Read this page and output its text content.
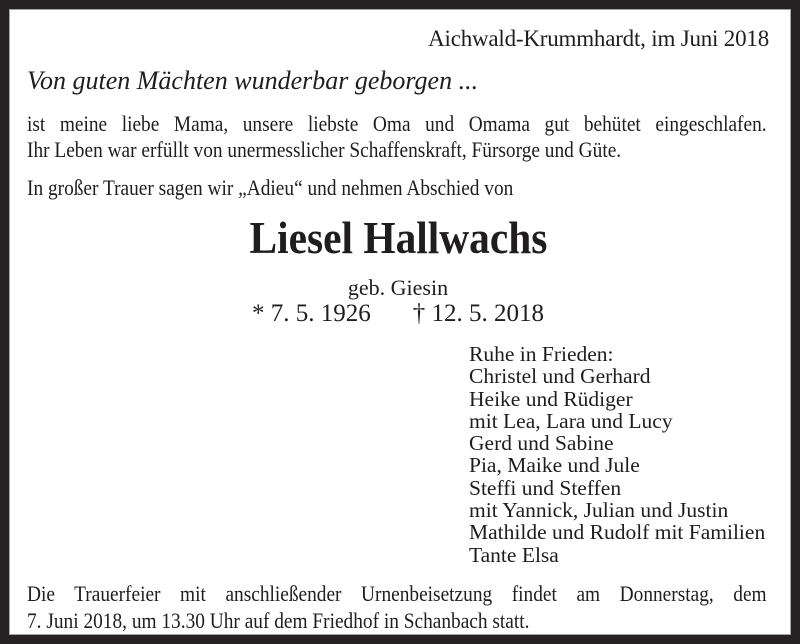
Aichwald-Krummhardt, im Juni 2018
Von guten Mächten wunderbar geborgen ...
ist meine liebe Mama, unsere liebste Oma und Omama gut behütet eingeschlafen.
Ihr Leben war erfüllt von unermesslicher Schaffenskraft, Fürsorge und Güte.
In großer Trauer sagen wir „Adieu“ und nehmen Abschied von
Liesel Hallwachs
geb. Giesin
* 7. 5. 1926 † 12. 5. 2018
Ruhe in Frieden:
Christel und Gerhard
Heike und Rüdiger
mit Lea, Lara und Lucy
Gerd und Sabine
Pia, Maike und Jule
Steffi und Steffen
mit Yannick, Julian und Justin
Mathilde und Rudolf mit Familien
Tante Elsa
Die Trauerfeier mit anschließender Urnenbeisetzung findet am Donnerstag, dem
7. Juni 2018, um 13.30 Uhr auf dem Friedhof in Schanbach statt.
